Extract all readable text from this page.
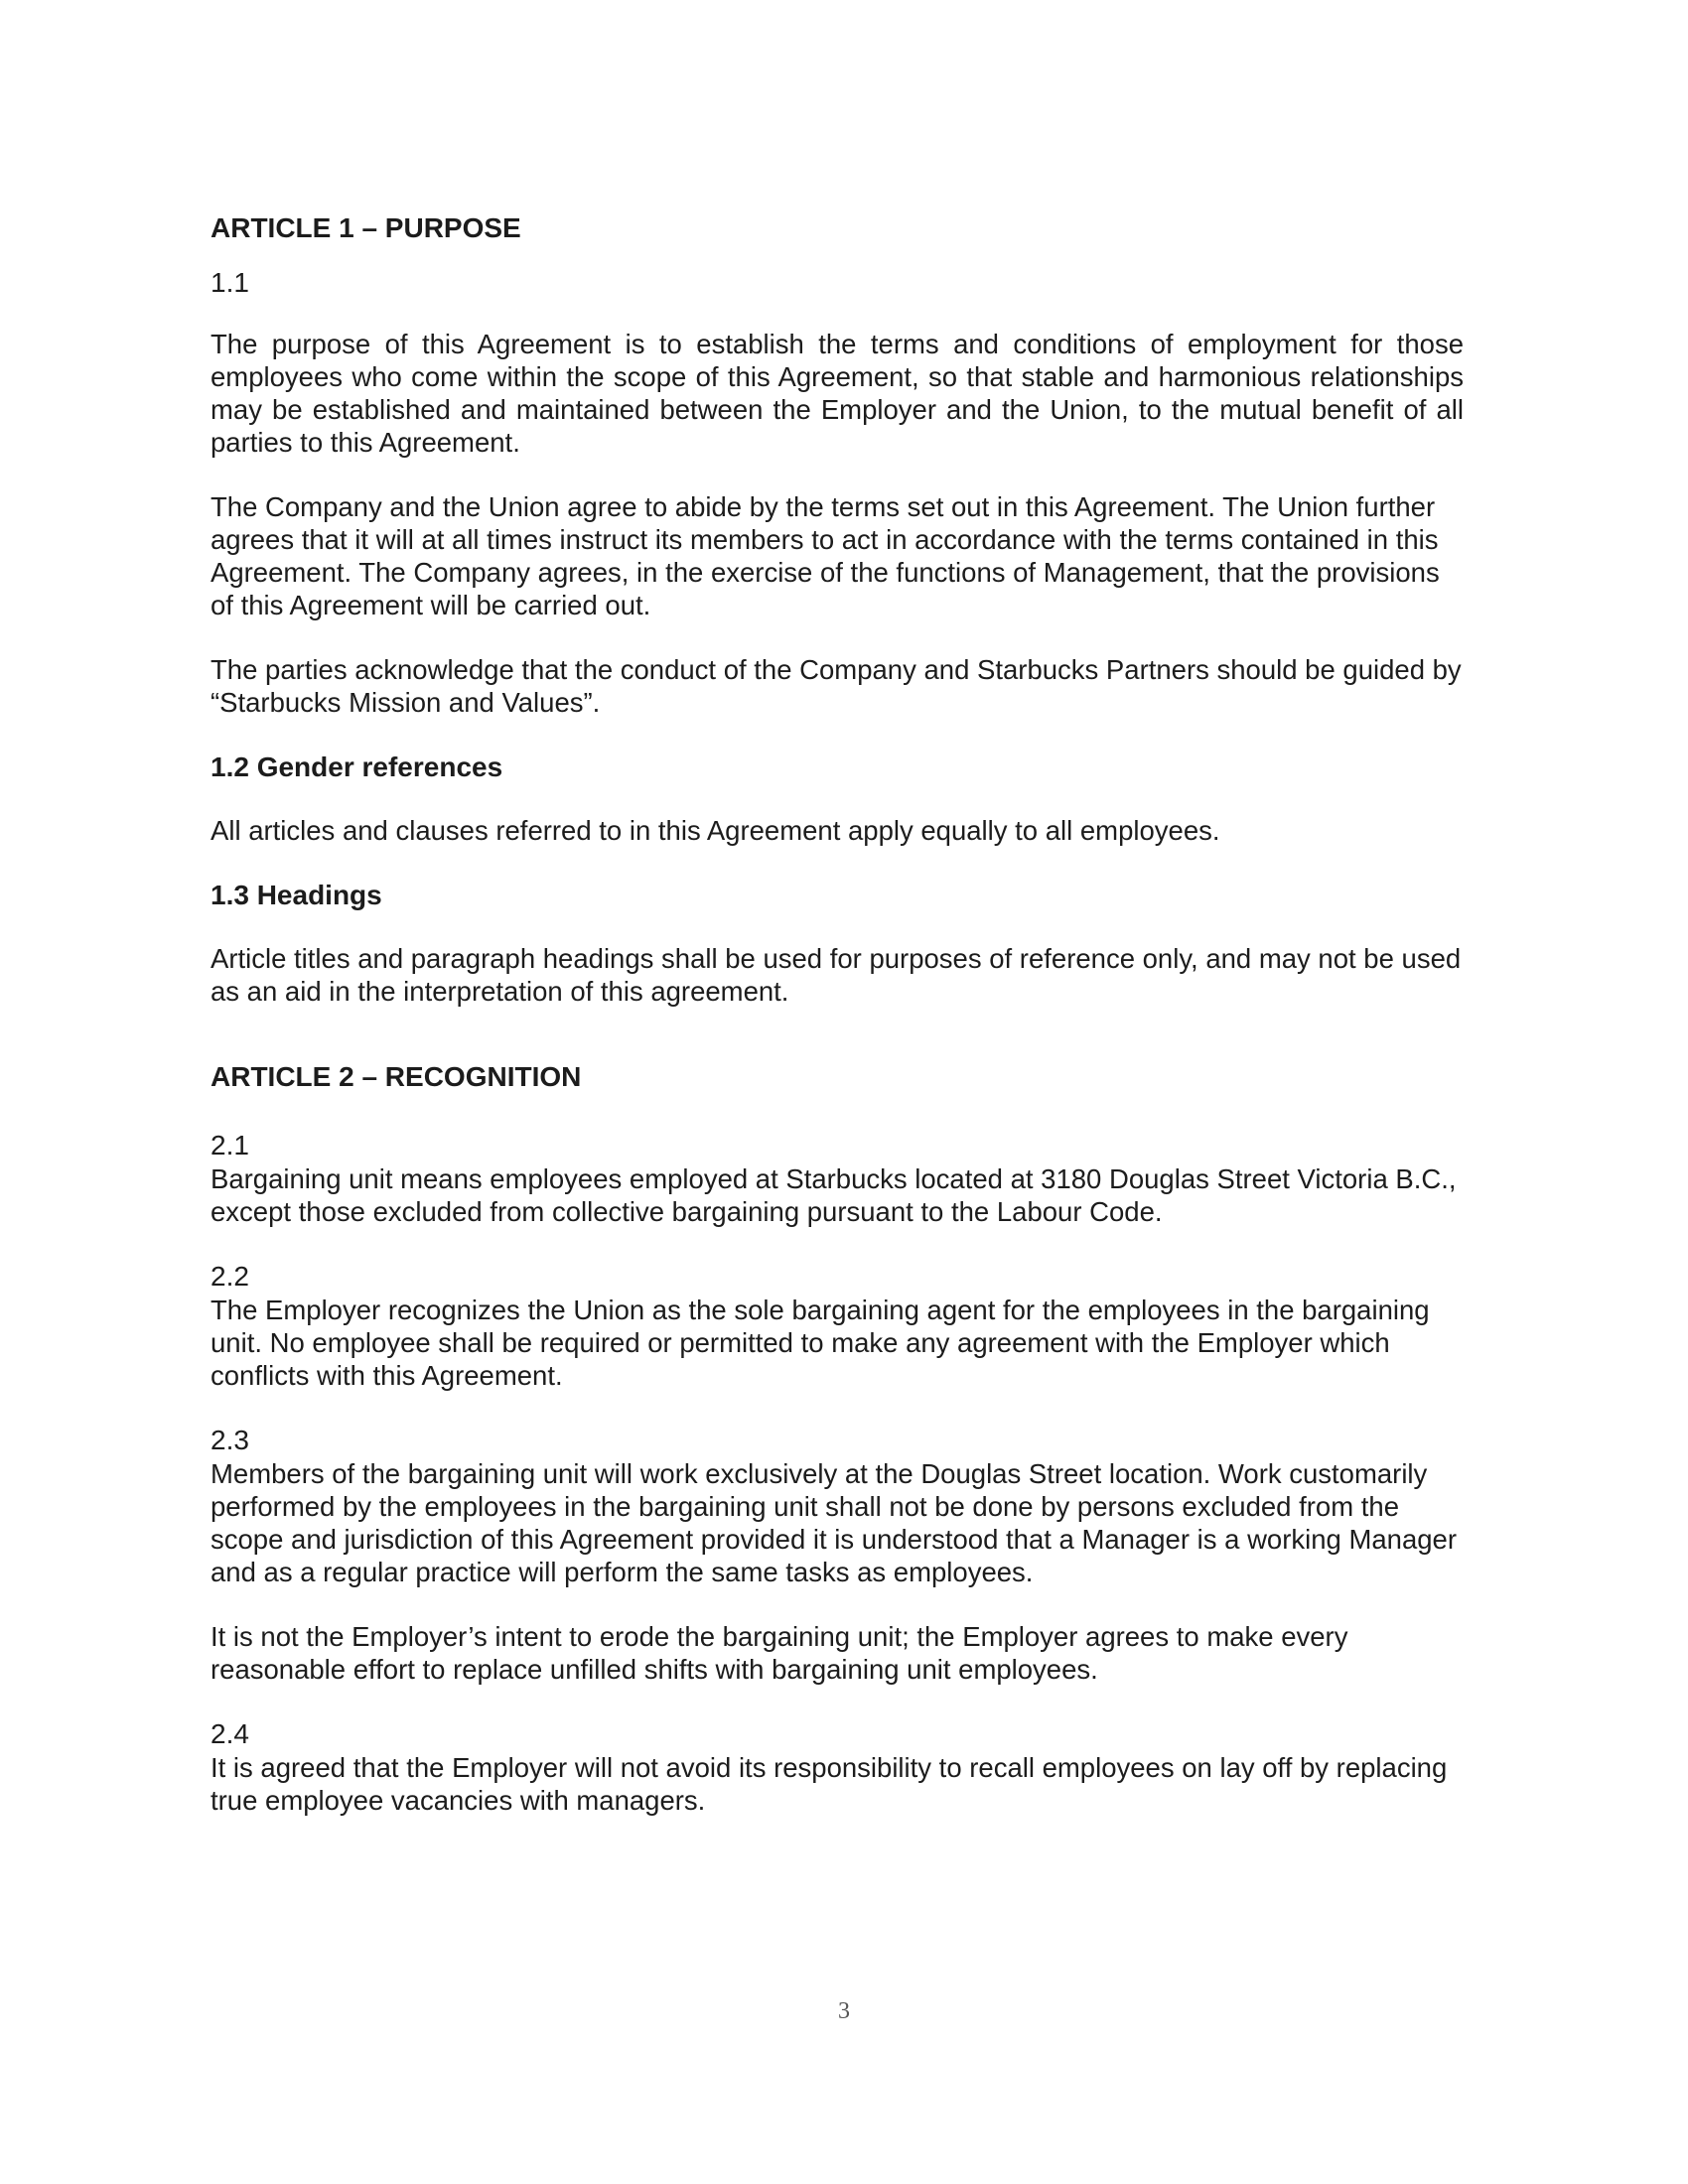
ARTICLE 1 – PURPOSE
1.1

The purpose of this Agreement is to establish the terms and conditions of employment for those employees who come within the scope of this Agreement, so that stable and harmonious relationships may be established and maintained between the Employer and the Union, to the mutual benefit of all parties to this Agreement.

The Company and the Union agree to abide by the terms set out in this Agreement. The Union further agrees that it will at all times instruct its members to act in accordance with the terms contained in this Agreement. The Company agrees, in the exercise of the functions of Management, that the provisions of this Agreement will be carried out.

The parties acknowledge that the conduct of the Company and Starbucks Partners should be guided by “Starbucks Mission and Values”.

1.2 Gender references

All articles and clauses referred to in this Agreement apply equally to all employees.

1.3 Headings

Article titles and paragraph headings shall be used for purposes of reference only, and may not be used as an aid in the interpretation of this agreement.

ARTICLE 2 – RECOGNITION
2.1

Bargaining unit means employees employed at Starbucks located at 3180 Douglas Street Victoria B.C., except those excluded from collective bargaining pursuant to the Labour Code.

2.2

The Employer recognizes the Union as the sole bargaining agent for the employees in the bargaining unit. No employee shall be required or permitted to make any agreement with the Employer which conflicts with this Agreement.

2.3

Members of the bargaining unit will work exclusively at the Douglas Street location. Work customarily performed by the employees in the bargaining unit shall not be done by persons excluded from the scope and jurisdiction of this Agreement provided it is understood that a Manager is a working Manager and as a regular practice will perform the same tasks as employees.

It is not the Employer’s intent to erode the bargaining unit; the Employer agrees to make every reasonable effort to replace unfilled shifts with bargaining unit employees.

2.4

It is agreed that the Employer will not avoid its responsibility to recall employees on lay off by replacing true employee vacancies with managers.

3
